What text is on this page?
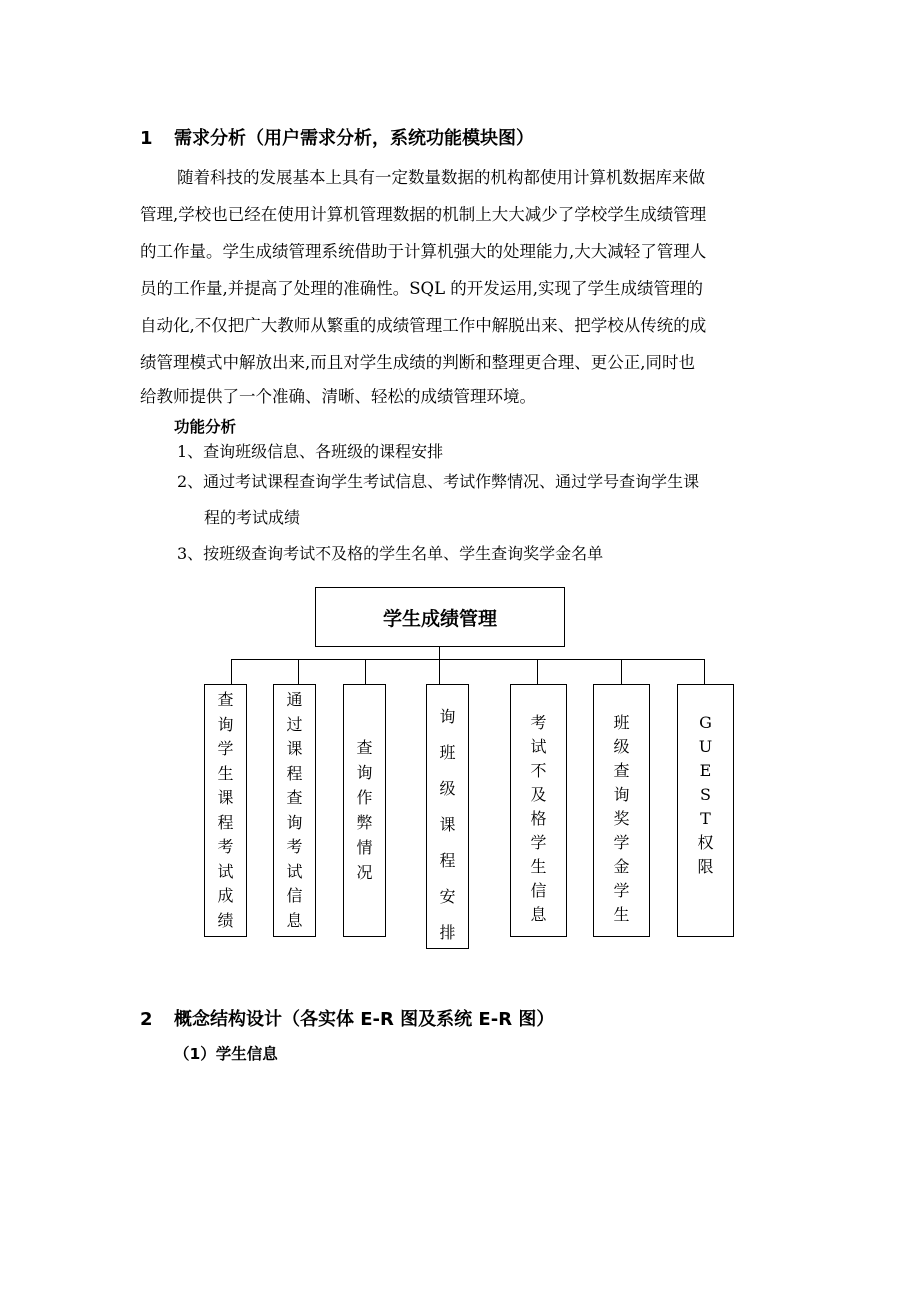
1 需求分析（用户需求分析，系统功能模块图）
随着科技的发展基本上具有一定数量数据的机构都使用计算机数据库来做
管理,学校也已经在使用计算机管理数据的机制上大大减少了学校学生成绩管理
的工作量。学生成绩管理系统借助于计算机强大的处理能力,大大减轻了管理人
员的工作量,并提高了处理的准确性。SQL 的开发运用,实现了学生成绩管理的
自动化,不仅把广大教师从繁重的成绩管理工作中解脱出来、把学校从传统的成
绩管理模式中解放出来,而且对学生成绩的判断和整理更合理、更公正,同时也
给教师提供了一个准确、清晰、轻松的成绩管理环境。
功能分析
1、查询班级信息、各班级的课程安排
2、通过考试课程查询学生考试信息、考试作弊情况、通过学号查询学生课
程的考试成绩
3、按班级查询考试不及格的学生名单、学生查询奖学金名单
学生成绩管理
查
询
学
生
课
程
考
试
成
绩
通
过
课
程
查
询
考
试
信
息
查
询
作
弊
情
况
询
班
级
课
程
安
排
考
试
不
及
格
学
生
信
息
班
级
查
询
奖
学
金
学
生
G
U
E
S
T
权
限
2 概念结构设计（各实体 E-R 图及系统 E-R 图）
（1）学生信息
